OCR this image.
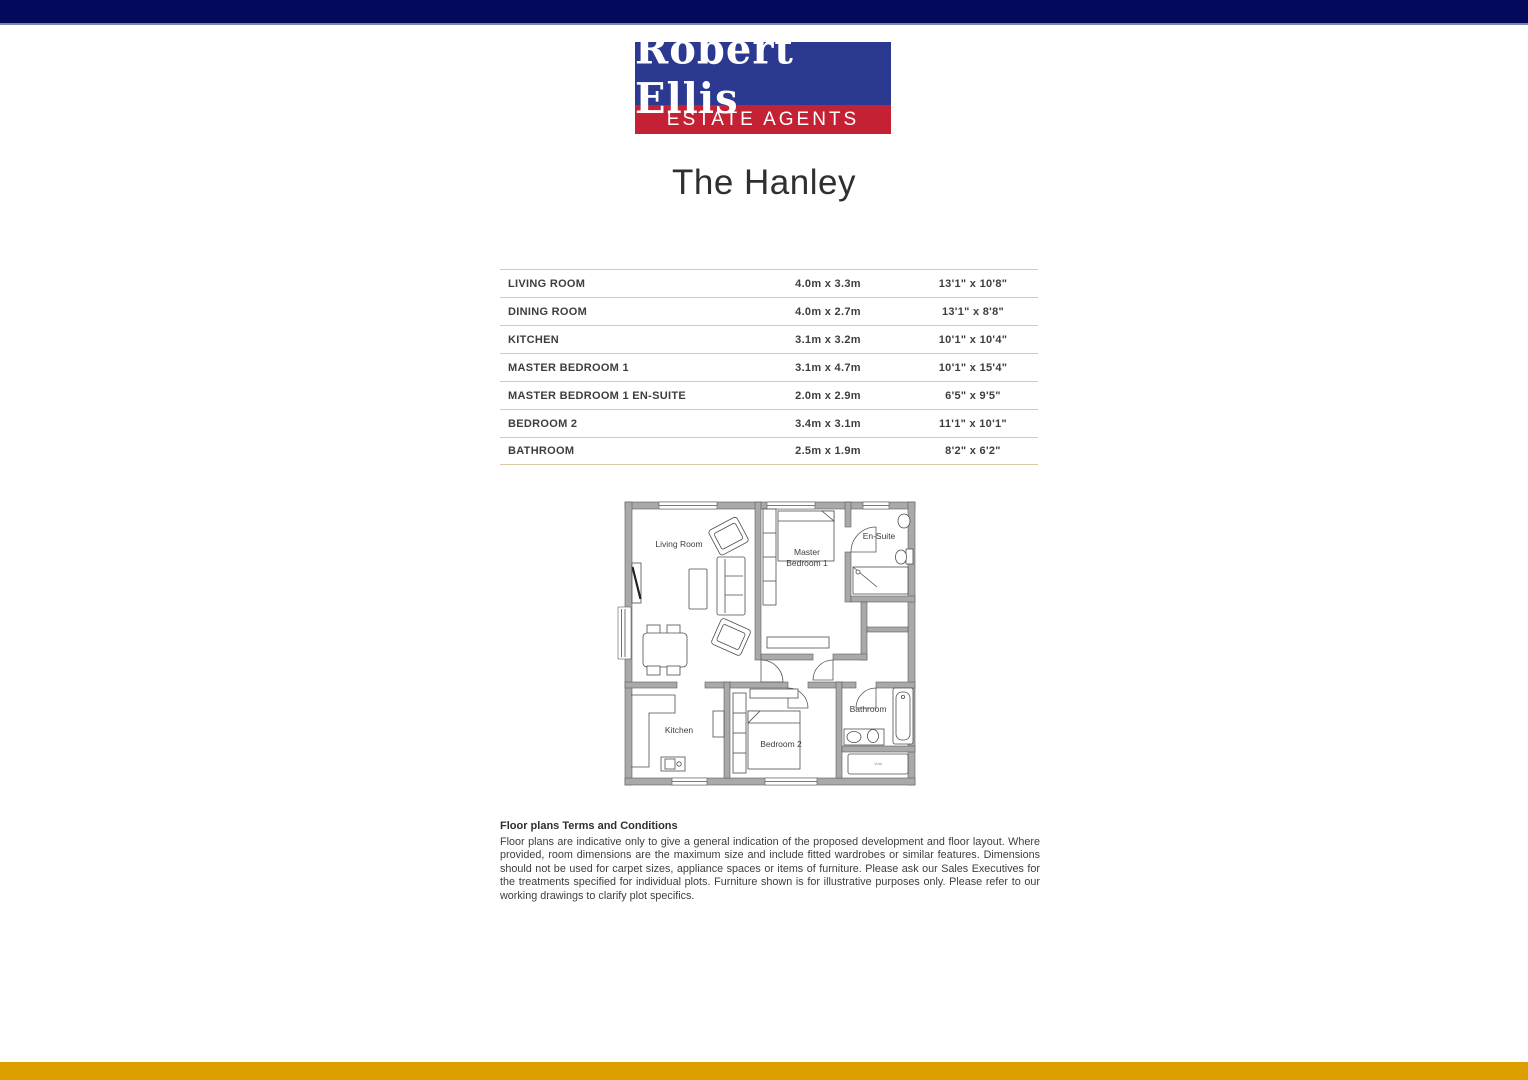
Robert Ellis
ESTATE AGENTS
The Hanley
LIVING ROOM	4.0m x 3.3m	13'1" x 10'8"
DINING ROOM	4.0m x 2.7m	13'1" x 8'8"
KITCHEN	3.1m x 3.2m	10'1" x 10'4"
MASTER BEDROOM 1	3.1m x 4.7m	10'1" x 15'4"
MASTER BEDROOM 1 EN-SUITE	2.0m x 2.9m	6'5" x 9'5"
BEDROOM 2	3.4m x 3.1m	11'1" x 10'1"
BATHROOM	2.5m x 1.9m	8'2" x 6'2"
Living Room
Master
Bedroom 1
En-Suite
Kitchen
Bedroom 2
Bathroom
Void
Floor plans Terms and Conditions

Floor plans are indicative only to give a general indication of the proposed development and floor layout. Where provided, room dimensions are the maximum size and include fitted wardrobes or similar features. Dimensions should not be used for carpet sizes, appliance spaces or items of furniture. Please ask our Sales Executives for the treatments specified for individual plots. Furniture shown is for illustrative purposes only. Please refer to our working drawings to clarify plot specifics.
